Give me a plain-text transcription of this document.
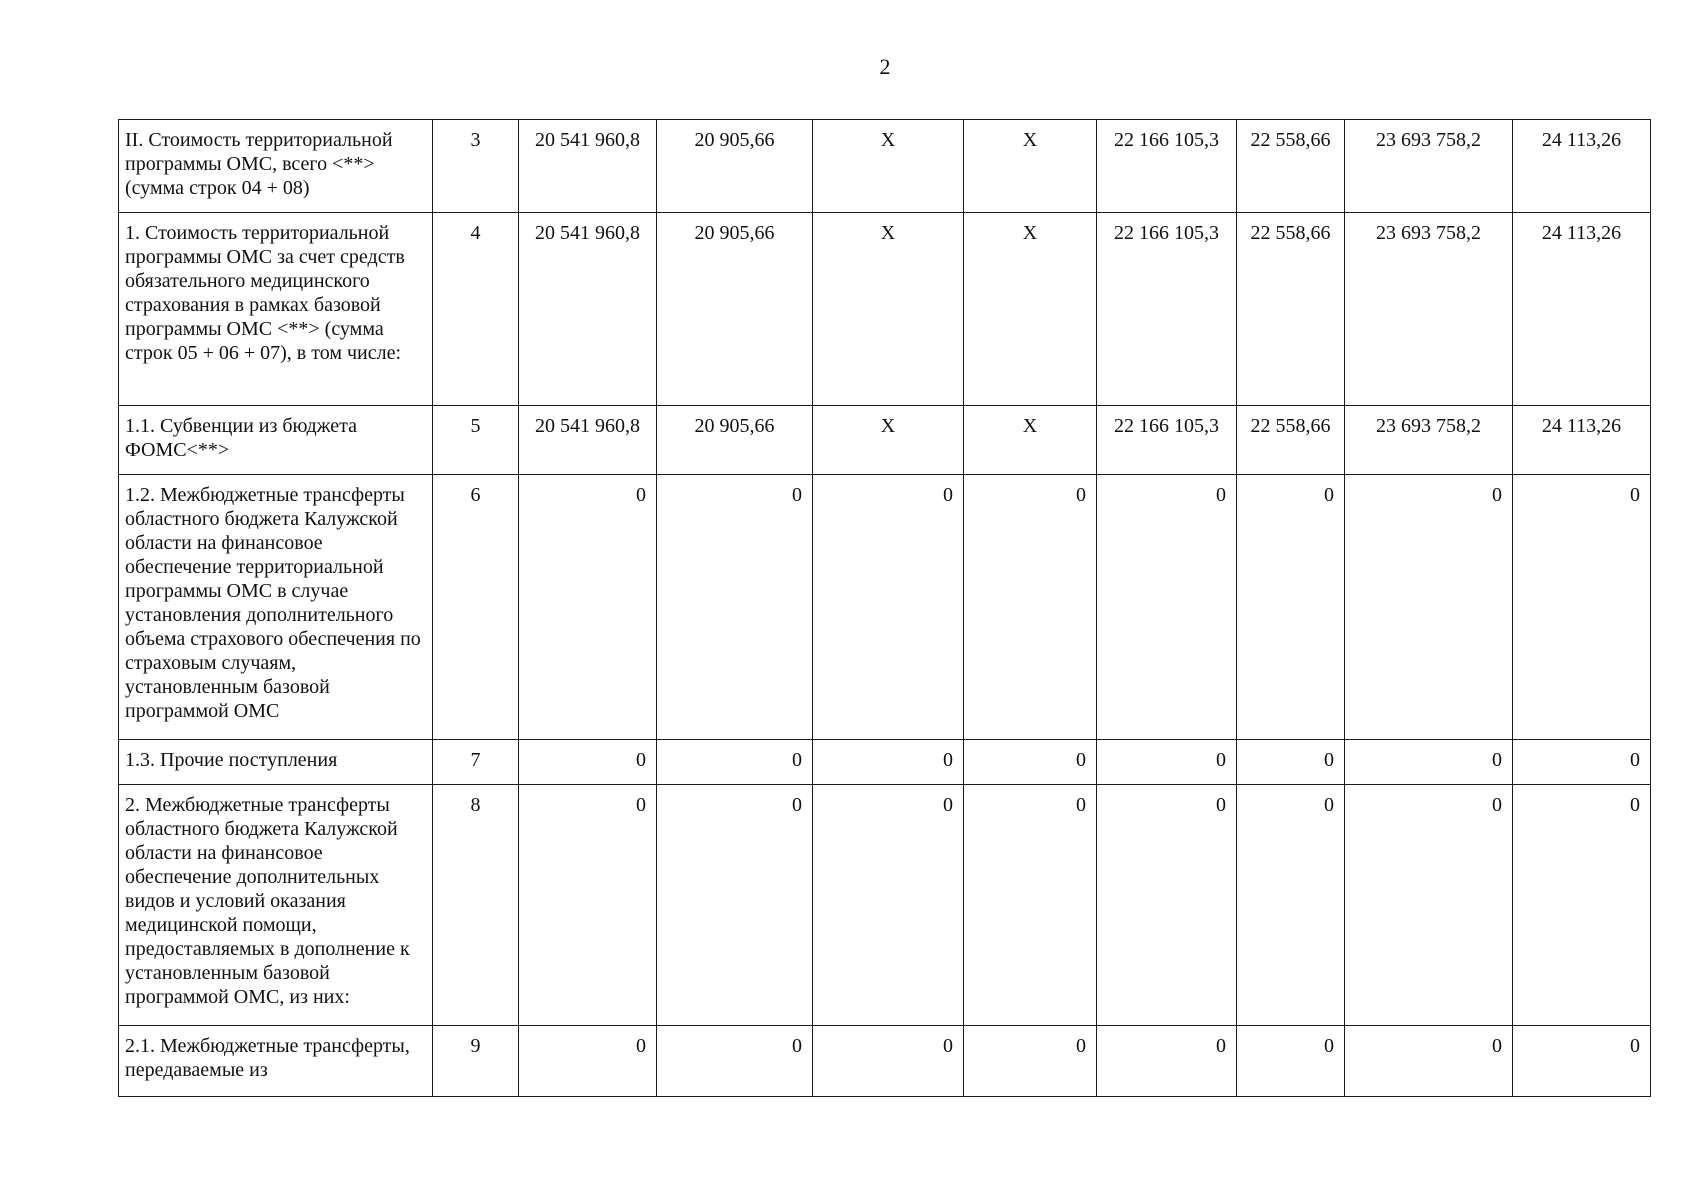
2
II. Стоимость территориальной программы ОМС, всего <**> (сумма строк 04 + 08)	3	20 541 960,8	20 905,66	X	X	22 166 105,3	22 558,66	23 693 758,2	24 113,26
1. Стоимость территориальной программы ОМС за счет средств обязательного медицинского страхования в рамках базовой программы ОМС <**> (сумма строк 05 + 06 + 07), в том числе:	4	20 541 960,8	20 905,66	X	X	22 166 105,3	22 558,66	23 693 758,2	24 113,26
1.1. Субвенции из бюджета ФОМС<**>	5	20 541 960,8	20 905,66	X	X	22 166 105,3	22 558,66	23 693 758,2	24 113,26
1.2. Межбюджетные трансферты областного бюджета Калужской области на финансовое обеспечение территориальной программы ОМС в случае установления дополнительного объема страхового обеспечения по страховым случаям, установленным базовой программой ОМС	6	0	0	0	0	0	0	0	0
1.3. Прочие поступления	7	0	0	0	0	0	0	0	0
2. Межбюджетные трансферты областного бюджета Калужской области на финансовое обеспечение дополнительных видов и условий оказания медицинской помощи, предоставляемых в дополнение к установленным базовой программой ОМС, из них:	8	0	0	0	0	0	0	0	0
2.1. Межбюджетные трансферты, передаваемые из	9	0	0	0	0	0	0	0	0
